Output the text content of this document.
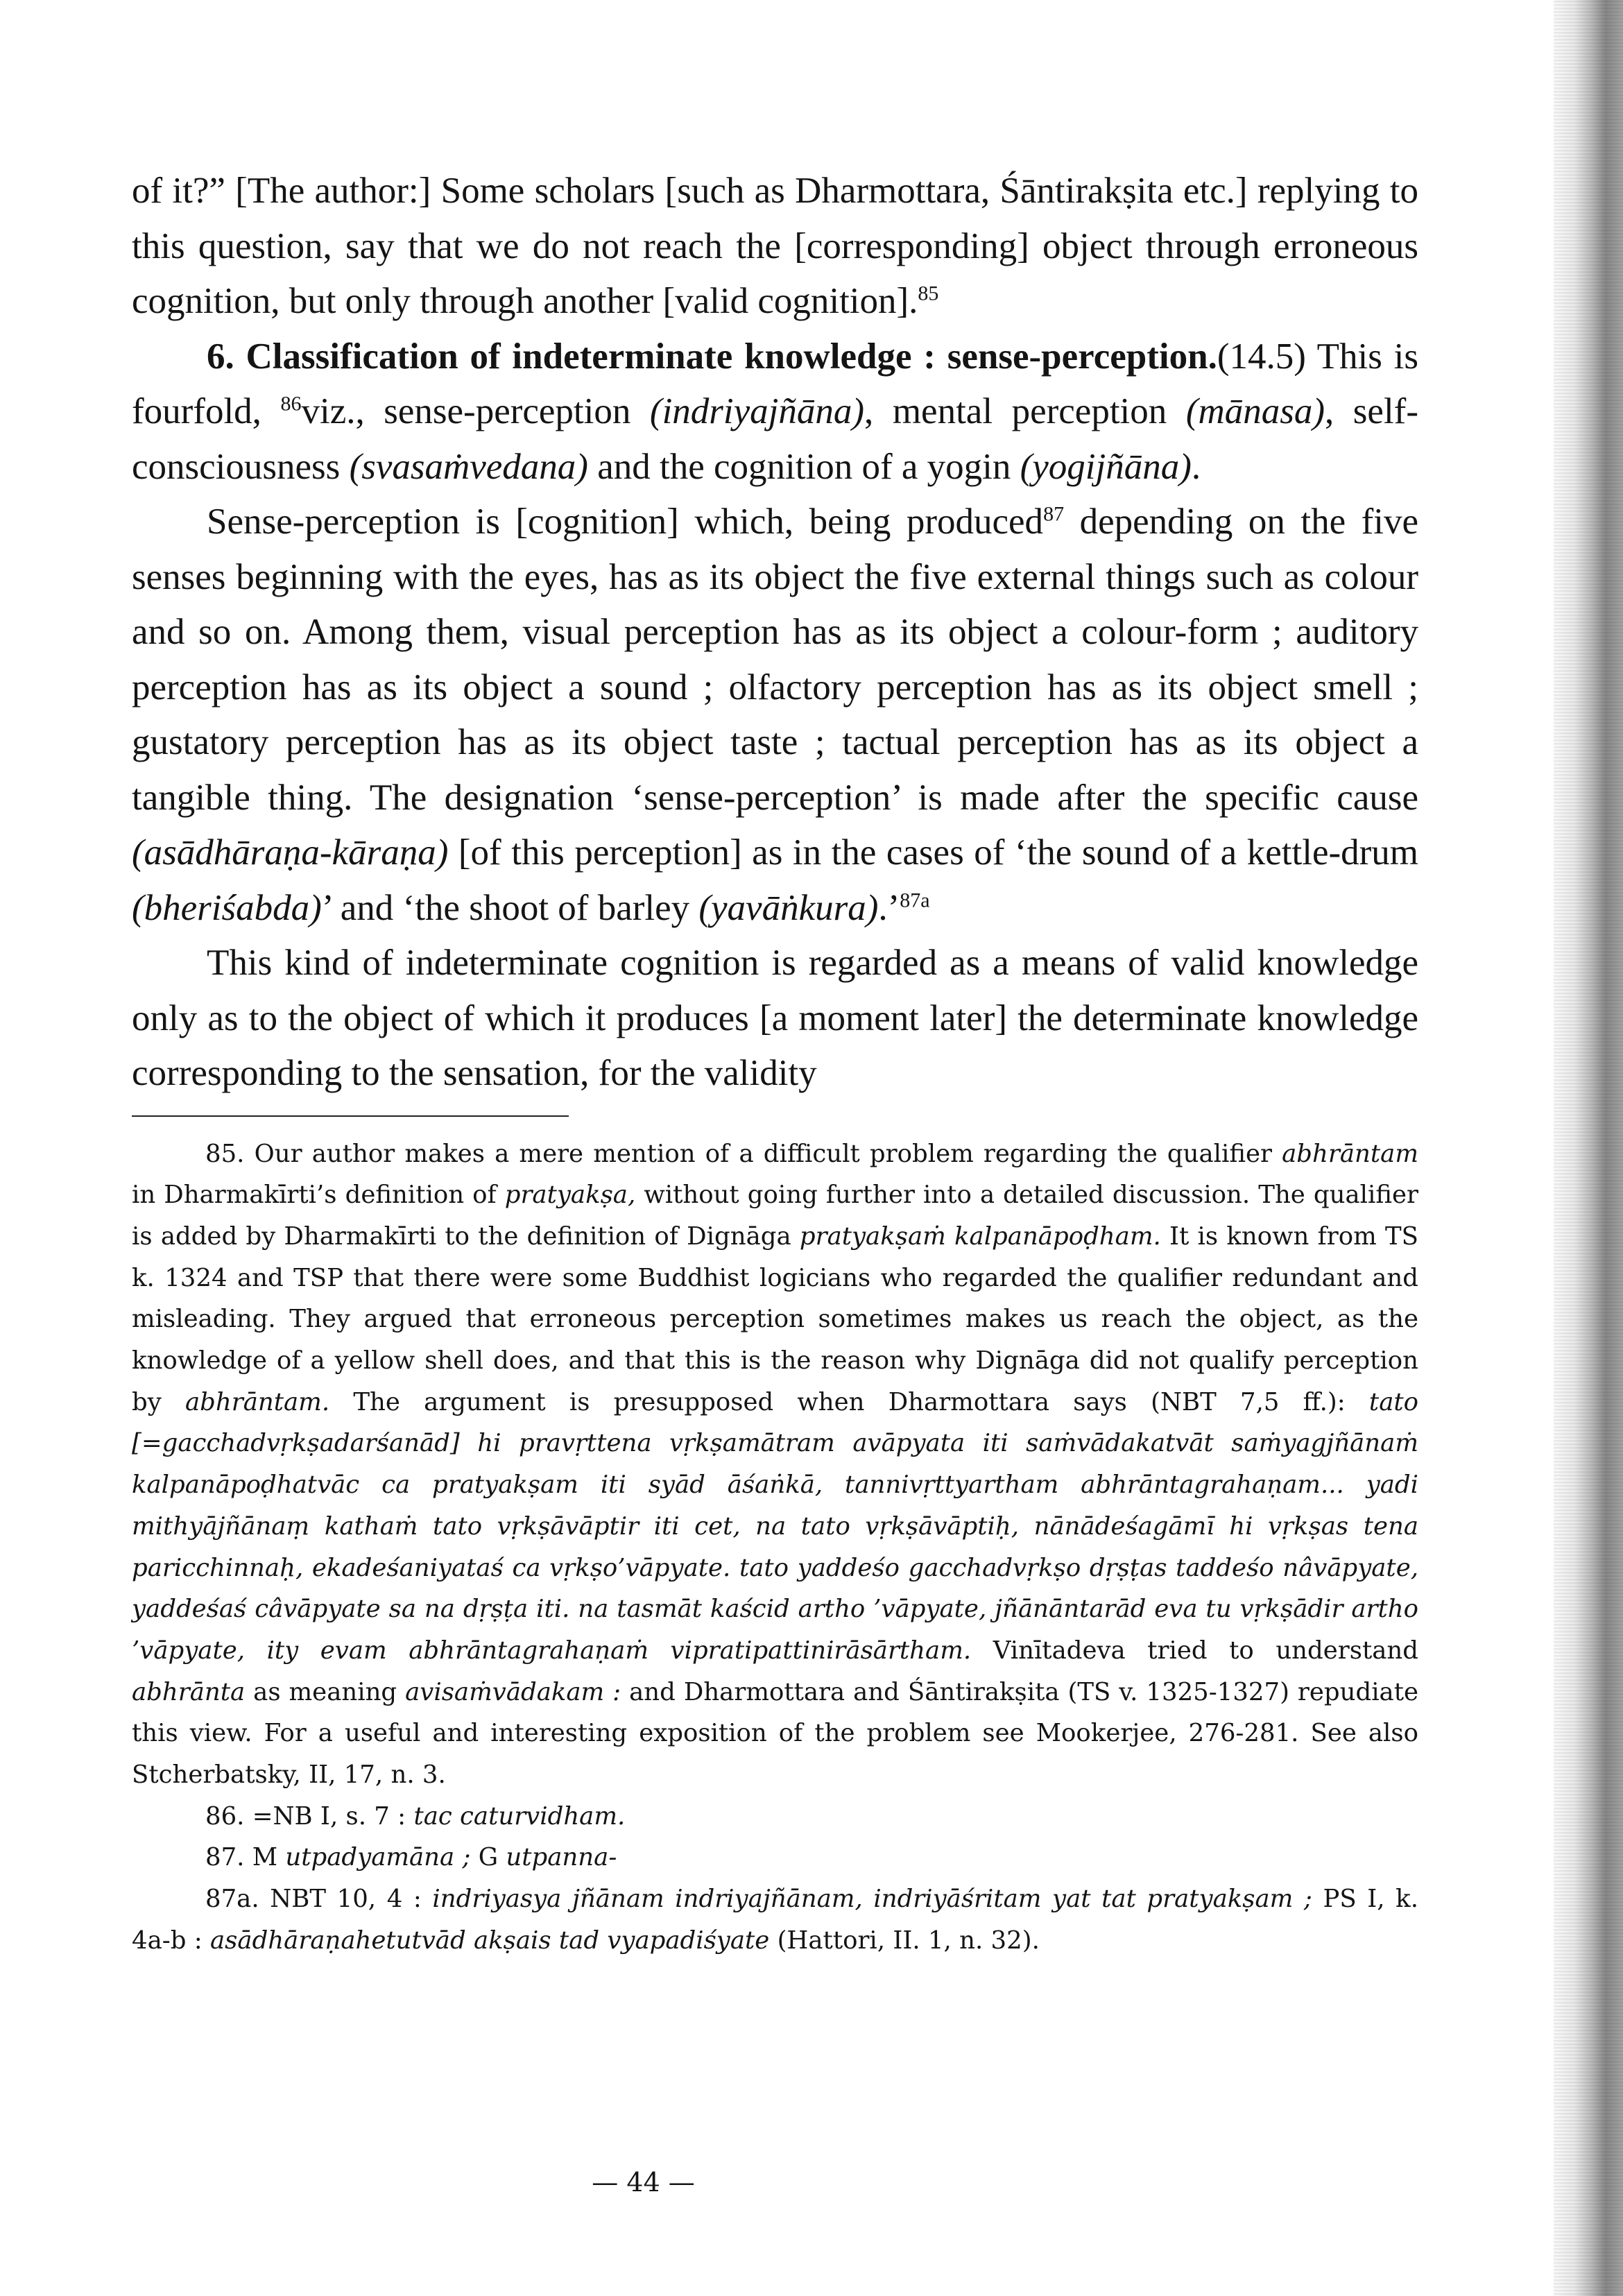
of it?” [The author:] Some scholars [such as Dharmottara, Śāntirakṣita etc.] replying to this question, say that we do not reach the [corresponding] object through erroneous cognition, but only through another [valid cognition].$^{85}$

6. Classification of indeterminate knowledge : sense-perception.(14.5) This is fourfold, $^{86}$viz., sense-perception (indriyajñāna), mental perception (mānasa), self-consciousness (svasaṁvedana) and the cognition of a yogin (yogijñāna).

Sense-perception is [cognition] which, being produced$^{87}$ depending on the five senses beginning with the eyes, has as its object the five external things such as colour and so on. Among them, visual perception has as its object a colour-form ; auditory perception has as its object a sound ; olfactory perception has as its object smell ; gustatory perception has as its object taste ; tactual perception has as its object a tangible thing. The designation ‘sense-perception’ is made after the specific cause (asādhāraṇa-kāraṇa) [of this perception] as in the cases of ‘the sound of a kettle-drum (bheriśabda)’ and ‘the shoot of barley (yavāṅkura).’$^{87a}$

This kind of indeterminate cognition is regarded as a means of valid knowledge only as to the object of which it produces [a moment later] the determinate knowledge corresponding to the sensation, for the validity

85. Our author makes a mere mention of a difficult problem regarding the qualifier abhrāntam in Dharmakīrti’s definition of pratyakṣa, without going further into a detailed discussion. The qualifier is added by Dharmakīrti to the definition of Dignāga pratyakṣaṁ kalpanāpoḍham. It is known from TS k. 1324 and TSP that there were some Buddhist logicians who regarded the qualifier redundant and misleading. They argued that erroneous perception sometimes makes us reach the object, as the knowledge of a yellow shell does, and that this is the reason why Dignāga did not qualify perception by abhrāntam. The argument is presupposed when Dharmottara says (NBT 7,5 ff.): tato [=gacchadvṛkṣadarśanād] hi pravṛttena vṛkṣamātram avāpyata iti saṁvādakatvāt saṁyagjñānaṁ kalpanāpoḍhatvāc ca pratyakṣam iti syād āśaṅkā, tannivṛttyartham abhrāntagrahaṇam... yadi mithyājñānaṃ kathaṁ tato vṛkṣāvāptir iti cet, na tato vṛkṣāvāptiḥ, nānādeśagāmī hi vṛkṣas tena paricchinnaḥ, ekadeśaniyataś ca vṛkṣo’vāpyate. tato yaddeśo gacchadvṛkṣo dṛṣṭas taddeśo nâvāpyate, yaddeśaś câvāpyate sa na dṛṣṭa iti. na tasmāt kaścid artho ’vāpyate, jñānāntarād eva tu vṛkṣādir artho ’vāpyate, ity evam abhrāntagrahaṇaṁ vipratipattinirāsārtham. Vinītadeva tried to understand abhrānta as meaning avisaṁvādakam : and Dharmottara and Śāntirakṣita (TS v. 1325-1327) repudiate this view. For a useful and interesting exposition of the problem see Mookerjee, 276-281. See also Stcherbatsky, II, 17, n. 3.

86. =NB I, s. 7 : tac caturvidham.

87. M utpadyamāna ; G utpanna-

87a. NBT 10, 4 : indriyasya jñānam indriyajñānam, indriyāśritam yat tat pratyakṣam ; PS I, k. 4a-b : asādhāraṇahetutvād akṣais tad vyapadiśyate (Hattori, II. 1, n. 32).

— 44 —
